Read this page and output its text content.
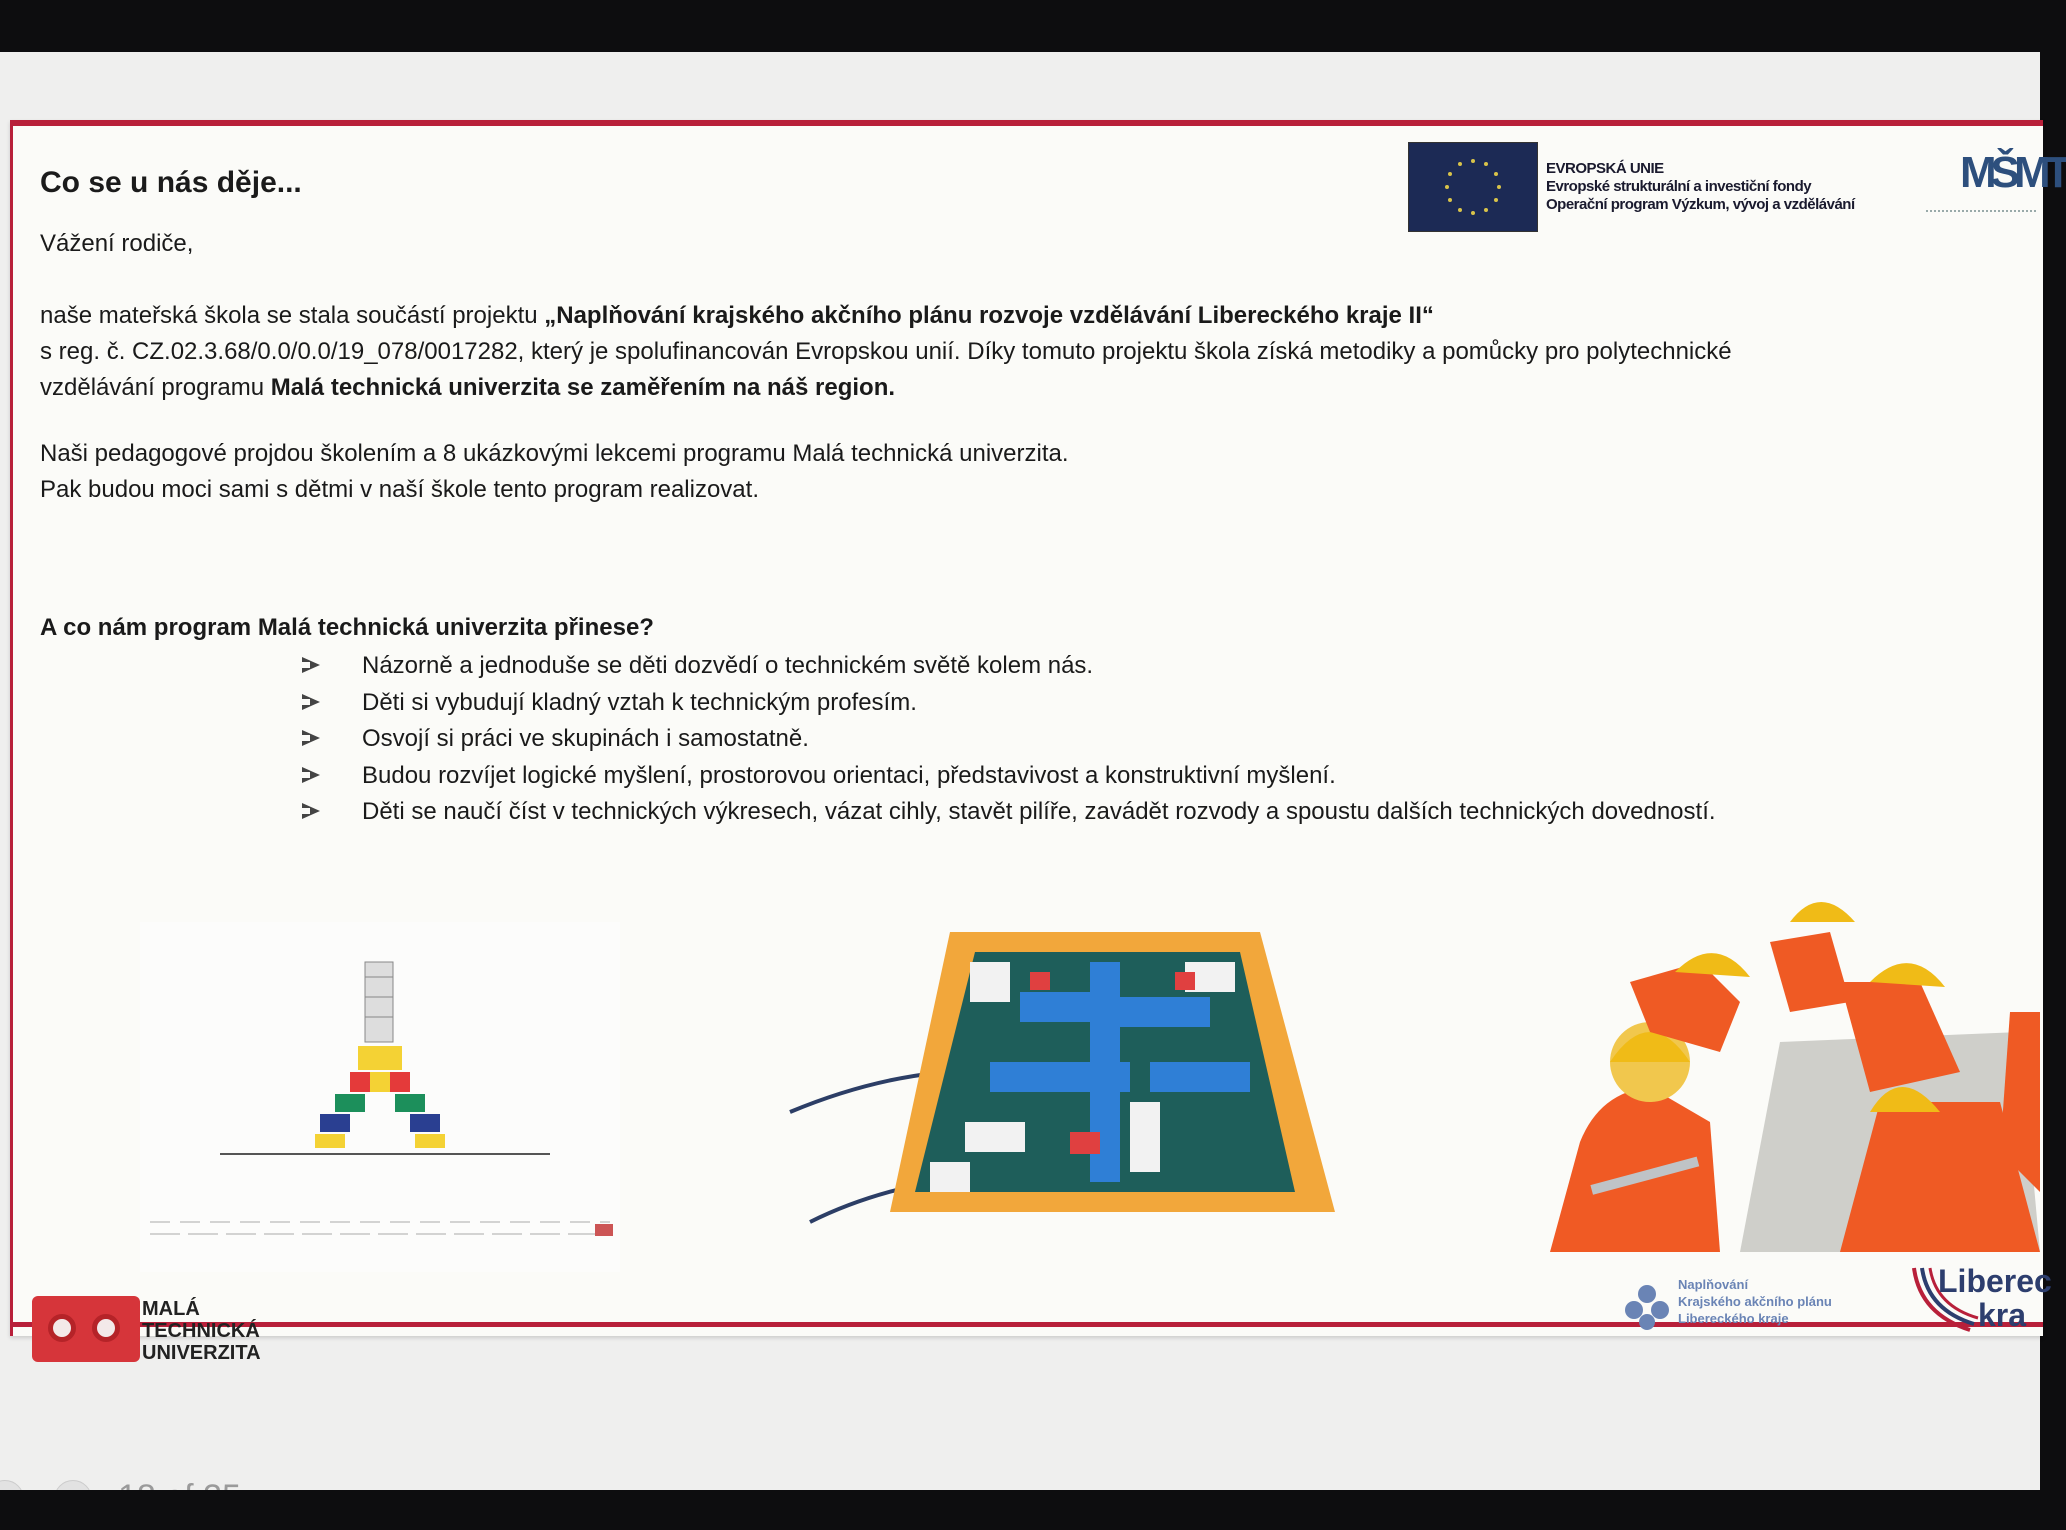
EVROPSKÁ UNIE
Evropské strukturální a investiční fondy
Operační program Výzkum, vývoj a vzdělávání
MŠMT
Co se u nás děje...

Vážení rodiče,

naše mateřská škola se stala součástí projektu „Naplňování krajského akčního plánu rozvoje vzdělávání Libereckého kraje II“
s reg. č. CZ.02.3.68/0.0/0.0/19_078/0017282, který je spolufinancován Evropskou unií. Díky tomuto projektu škola získá metodiky a pomůcky pro polytechnické
vzdělávání programu Malá technická univerzita se zaměřením na náš region.

Naši pedagogové projdou školením a 8 ukázkovými lekcemi programu Malá technická univerzita.
Pak budou moci sami s dětmi v naší škole tento program realizovat.

A co nám program Malá technická univerzita přinese?

Názorně a jednoduše se děti dozvědí o technickém světě kolem nás.
Děti si vybudují kladný vztah k technickým profesím.
Osvojí si práci ve skupinách i samostatně.
Budou rozvíjet logické myšlení, prostorovou orientaci, představivost a konstruktivní myšlení.
Děti se naučí číst v technických výkresech, vázat cihly, stavět pilíře, zavádět rozvody a spoustu dalších technických dovedností.
MALÁ
TECHNICKÁ
UNIVERZITA
Naplňování
Krajského akčního plánu
Libereckého kraje
Liberec
kra
